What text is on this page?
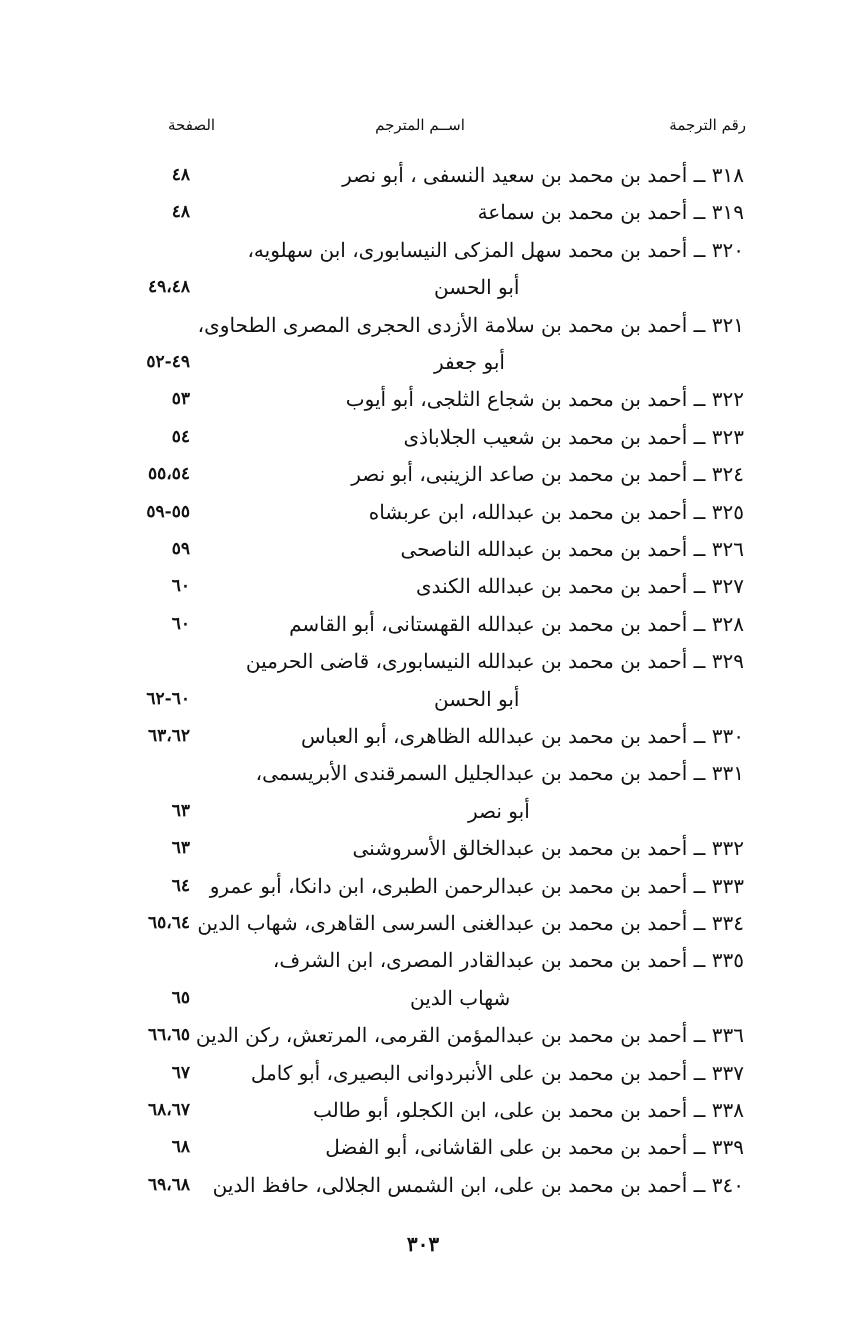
رقم الترجمة
اســم المترجم
الصفحة
٣١٨ ــ أحمد بن محمد بن سعيد النسفى ، أبو نصر
٤٨
٣١٩ ــ أحمد بن محمد بن سماعة
٤٨
٣٢٠ ــ أحمد بن محمد سهل المزكى النيسابورى، ابن سهلويه،
أبو الحسن
٤٩،٤٨
٣٢١ ــ أحمد بن محمد بن سلامة الأزدى الحجرى المصرى الطحاوى،
أبو جعفر
٤٩-٥٢
٣٢٢ ــ أحمد بن محمد بن شجاع الثلجى، أبو أيوب
٥٣
٣٢٣ ــ أحمد بن محمد بن شعيب الجلاباذى
٥٤
٣٢٤ ــ أحمد بن محمد بن صاعد الزينبى، أبو نصر
٥٥،٥٤
٣٢٥ ــ أحمد بن محمد بن عبدالله، ابن عربشاه
٥٥-٥٩
٣٢٦ ــ أحمد بن محمد بن عبدالله الناصحى
٥٩
٣٢٧ ــ أحمد بن محمد بن عبدالله الكندى
٦٠
٣٢٨ ــ أحمد بن محمد بن عبدالله القهستانى، أبو القاسم
٦٠
٣٢٩ ــ أحمد بن محمد بن عبدالله النيسابورى، قاضى الحرمين
أبو الحسن
٦٠-٦٢
٣٣٠ ــ أحمد بن محمد بن عبدالله الظاهرى، أبو العباس
٦٣،٦٢
٣٣١ ــ أحمد بن محمد بن عبدالجليل السمرقندى الأبريسمى،
أبو نصر
٦٣
٣٣٢ ــ أحمد بن محمد بن عبدالخالق الأسروشنى
٦٣
٣٣٣ ــ أحمد بن محمد بن عبدالرحمن الطبرى، ابن دانكا، أبو عمرو
٦٤
٣٣٤ ــ أحمد بن محمد بن عبدالغنى السرسى القاهرى، شهاب الدين
٦٥،٦٤
٣٣٥ ــ أحمد بن محمد بن عبدالقادر المصرى، ابن الشرف،
شهاب الدين
٦٥
٣٣٦ ــ أحمد بن محمد بن عبدالمؤمن القرمى، المرتعش، ركن الدين
٦٦،٦٥
٣٣٧ ــ أحمد بن محمد بن على الأنبردوانى البصيرى، أبو كامل
٦٧
٣٣٨ ــ أحمد بن محمد بن على، ابن الكجلو، أبو طالب
٦٨،٦٧
٣٣٩ ــ أحمد بن محمد بن على القاشانى، أبو الفضل
٦٨
٣٤٠ ــ أحمد بن محمد بن على، ابن الشمس الجلالى، حافظ الدين
٦٩،٦٨
٣٠٣
